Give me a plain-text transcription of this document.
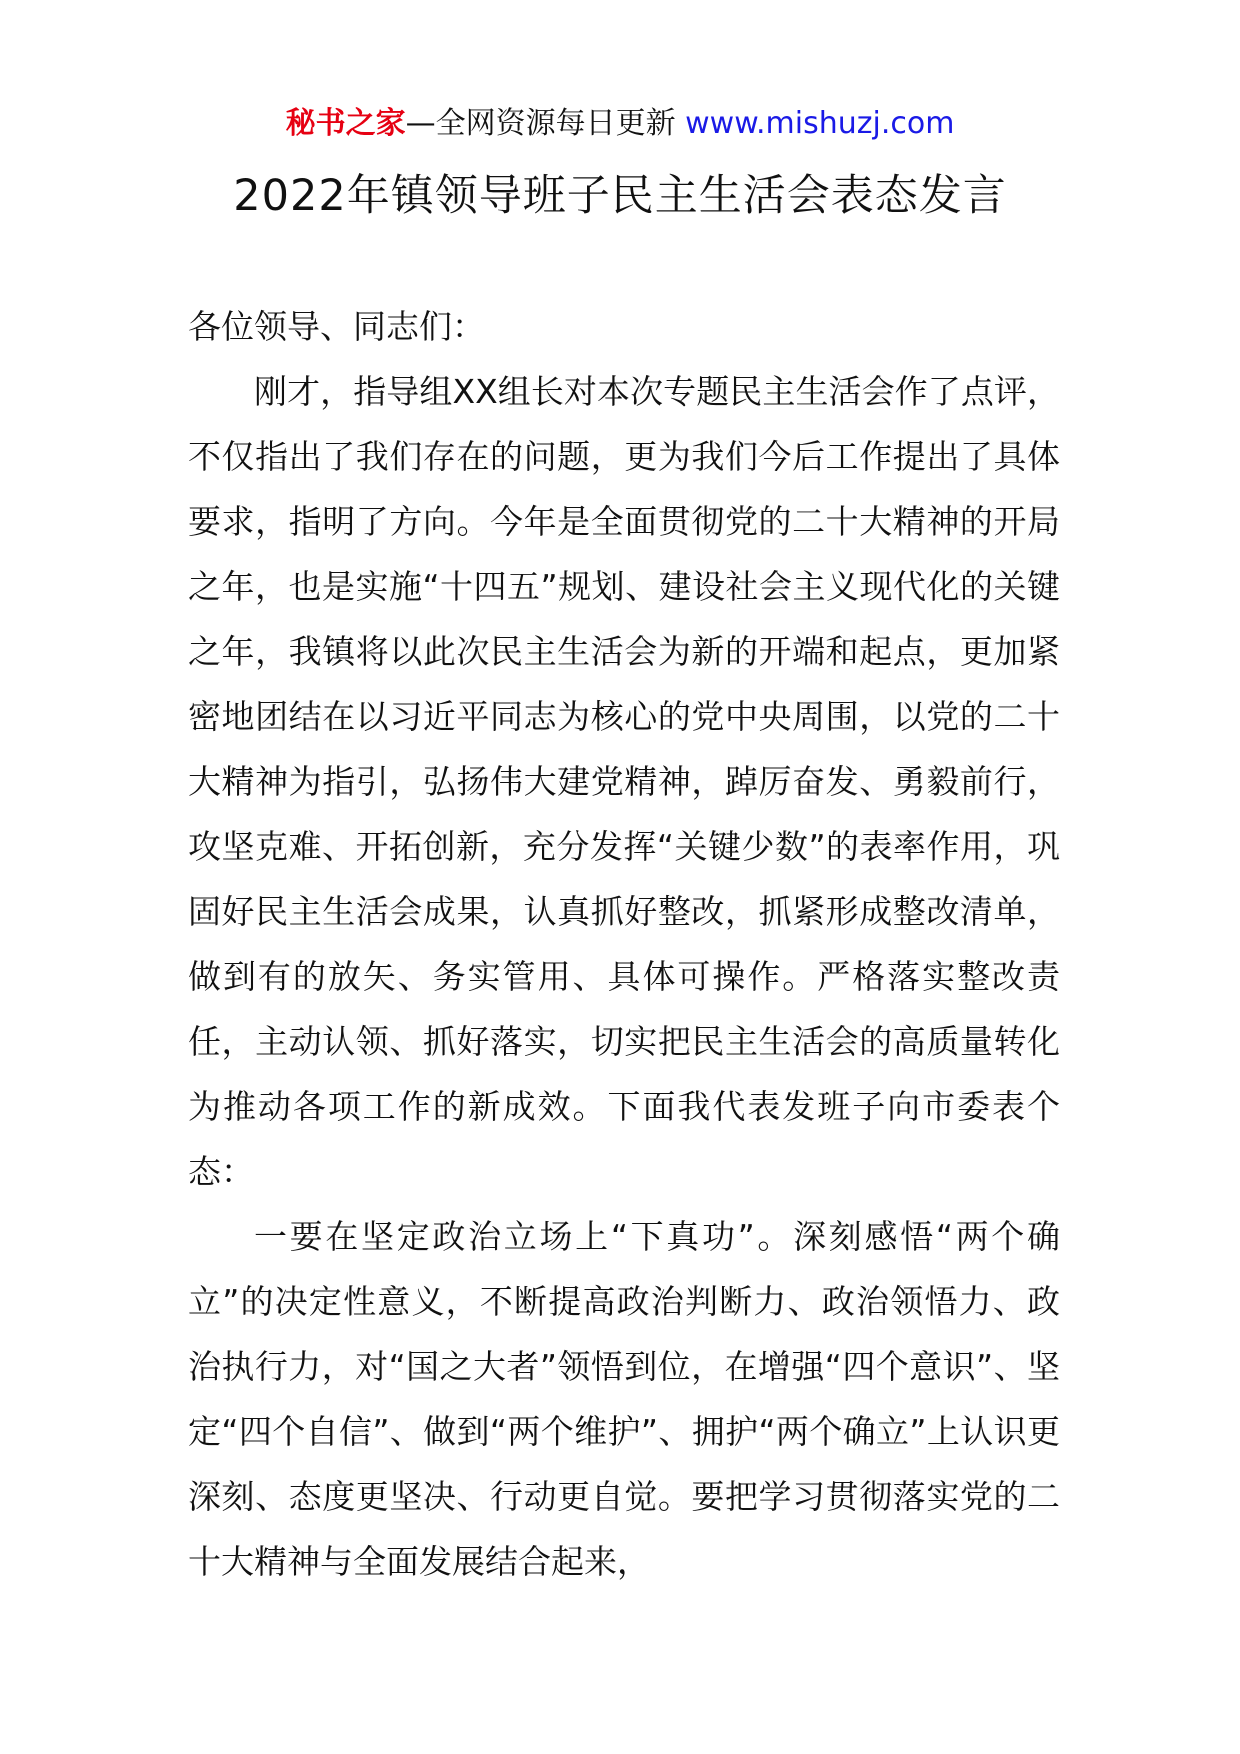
秘书之家—全网资源每日更新 www.mishuzj.com
2022年镇领导班子民主生活会表态发言

各位领导、同志们：

刚才，指导组XX组长对本次专题民主生活会作了点评，不仅指出了我们存在的问题，更为我们今后工作提出了具体要求，指明了方向。今年是全面贯彻党的二十大精神的开局之年，也是实施“十四五”规划、建设社会主义现代化的关键之年，我镇将以此次民主生活会为新的开端和起点，更加紧密地团结在以习近平同志为核心的党中央周围，以党的二十大精神为指引，弘扬伟大建党精神，踔厉奋发、勇毅前行，攻坚克难、开拓创新，充分发挥“关键少数”的表率作用，巩固好民主生活会成果，认真抓好整改，抓紧形成整改清单，做到有的放矢、务实管用、具体可操作。严格落实整改责任，主动认领、抓好落实，切实把民主生活会的高质量转化为推动各项工作的新成效。下面我代表发班子向市委表个态：

一要在坚定政治立场上“下真功”。深刻感悟“两个确立”的决定性意义，不断提高政治判断力、政治领悟力、政治执行力，对“国之大者”领悟到位，在增强“四个意识”、坚定“四个自信”、做到“两个维护”、拥护“两个确立”上认识更深刻、态度更坚决、行动更自觉。要把学习贯彻落实党的二十大精神与全面发展结合起来，
